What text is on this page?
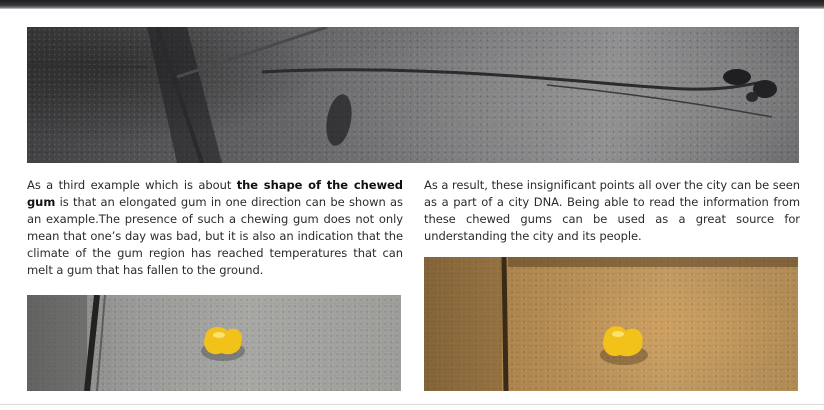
As a third example which is about the shape of the chewed gum is that an elongated gum in one direction can be shown as an example.The presence of such a chewing gum does not only mean that one’s day was bad, but it is also an indication that the climate of the gum region has reached temperatures that can melt a gum that has fallen to the ground.

As a result, these insignificant points all over the city can be seen as a part of a city DNA. Being able to read the information from these chewed gums can be used as a great source for understanding the city and its people.
